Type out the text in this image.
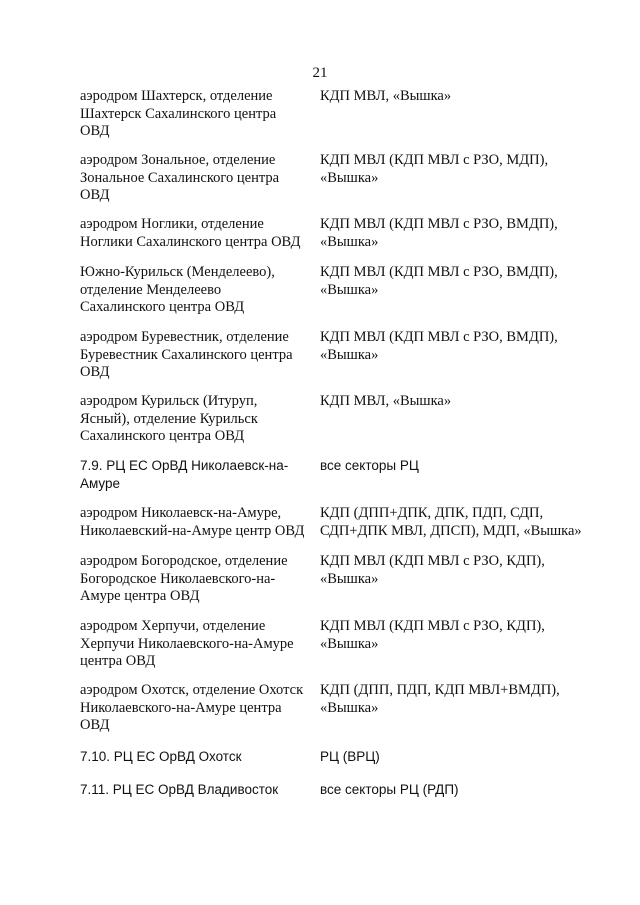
21
аэродром Шахтерск, отделение
Шахтерск Сахалинского центра
ОВД
КДП МВЛ, «Вышка»
аэродром Зональное, отделение
Зональное Сахалинского центра
ОВД
КДП МВЛ (КДП МВЛ с РЗО, МДП),
«Вышка»
аэродром Ноглики, отделение
Ноглики Сахалинского центра ОВД
КДП МВЛ (КДП МВЛ с РЗО, ВМДП),
«Вышка»
Южно-Курильск (Менделеево),
отделение Менделеево
Сахалинского центра ОВД
КДП МВЛ (КДП МВЛ с РЗО, ВМДП),
«Вышка»
аэродром Буревестник, отделение
Буревестник Сахалинского центра
ОВД
КДП МВЛ (КДП МВЛ с РЗО, ВМДП),
«Вышка»
аэродром Курильск (Итуруп,
Ясный), отделение Курильск
Сахалинского центра ОВД
КДП МВЛ, «Вышка»
7.9. РЦ ЕС ОрВД Николаевск-на-
Амуре
все секторы РЦ
аэродром Николаевск-на-Амуре,
Николаевский-на-Амуре центр ОВД
КДП (ДПП+ДПК, ДПК, ПДП, СДП,
СДП+ДПК МВЛ, ДПСП), МДП, «Вышка»
аэродром Богородское, отделение
Богородское Николаевского-на-
Амуре центра ОВД
КДП МВЛ (КДП МВЛ с РЗО, КДП),
«Вышка»
аэродром Херпучи, отделение
Херпучи Николаевского-на-Амуре
центра ОВД
КДП МВЛ (КДП МВЛ с РЗО, КДП),
«Вышка»
аэродром Охотск, отделение Охотск
Николаевского-на-Амуре центра
ОВД
КДП (ДПП, ПДП, КДП МВЛ+ВМДП),
«Вышка»
7.10. РЦ ЕС ОрВД Охотск	РЦ (ВРЦ)
7.11. РЦ ЕС ОрВД Владивосток	все секторы РЦ (РДП)
